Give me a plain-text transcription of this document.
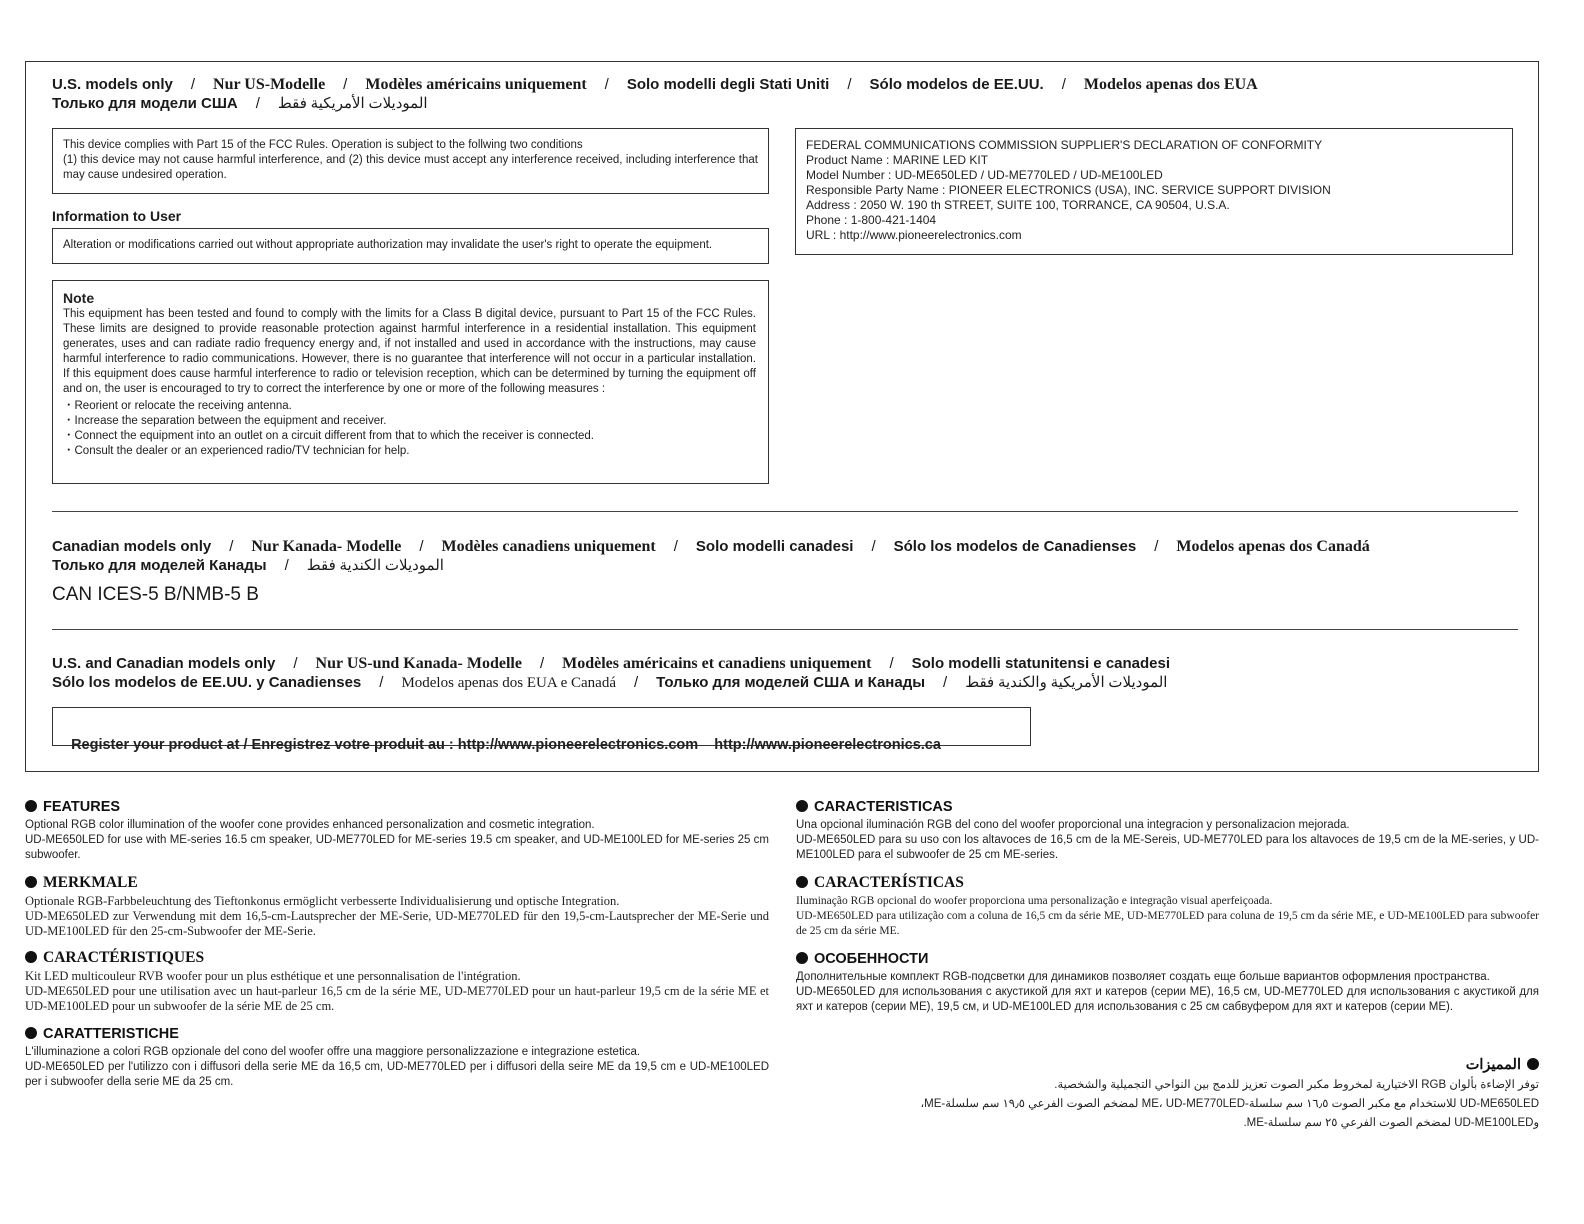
U.S. models only / Nur US-Modelle / Modèles américains uniquement / Solo modelli degli Stati Uniti / Sólo modelos de EE.UU. / Modelos apenas dos EUA
Только для модели США / الموديلات الأمريكية فقط

This device complies with Part 15 of the FCC Rules. Operation is subject to the follwing two conditions

(1) this device may not cause harmful interference, and (2) this device must accept any interference received, including interference that may cause undesired operation.

Information to User

Alteration or modifications carried out without appropriate authorization may invalidate the user's right to operate the equipment.

Note

This equipment has been tested and found to comply with the limits for a Class B digital device, pursuant to Part 15 of the FCC Rules. These limits are designed to provide reasonable protection against harmful interference in a residential installation. This equipment generates, uses and can radiate radio frequency energy and, if not installed and used in accordance with the instructions, may cause harmful interference to radio communications. However, there is no guarantee that interference will not occur in a particular installation. If this equipment does cause harmful interference to radio or television reception, which can be determined by turning the equipment off and on, the user is encouraged to try to correct the interference by one or more of the following measures :

・ Reorient or relocate the receiving antenna.
・ Increase the separation between the equipment and receiver.
・ Connect the equipment into an outlet on a circuit different from that to which the receiver is connected.
・ Consult the dealer or an experienced radio/TV technician for help.

FEDERAL COMMUNICATIONS COMMISSION SUPPLIER'S DECLARATION OF CONFORMITY

Product Name : MARINE LED KIT

Model Number : UD-ME650LED / UD-ME770LED / UD-ME100LED

Responsible Party Name : PIONEER ELECTRONICS (USA), INC. SERVICE SUPPORT DIVISION

Address : 2050 W. 190 th STREET, SUITE 100, TORRANCE, CA 90504, U.S.A.

Phone : 1-800-421-1404

URL : http://www.pioneerelectronics.com

Canadian models only / Nur Kanada- Modelle / Modèles canadiens uniquement / Solo modelli canadesi / Sólo los modelos de Canadienses / Modelos apenas dos Canadá
Только для моделей Канады / الموديلات الكندية فقط
CAN ICES-5 B/NMB-5 B
U.S. and Canadian models only / Nur US-und Kanada- Modelle / Modèles américains et canadiens uniquement / Solo modelli statunitensi e canadesi
Sólo los modelos de EE.UU. y Canadienses / Modelos apenas dos EUA e Canadá / Только для моделей США и Канады / الموديلات الأمريكية والكندية فقط

Register your product at / Enregistrez votre produit au : http://www.pioneerelectronics.com    http://www.pioneerelectronics.ca

FEATURES

Optional RGB color illumination of the woofer cone provides enhanced personalization and cosmetic integration.

UD-ME650LED for use with ME-series 16.5 cm speaker, UD-ME770LED for ME-series 19.5 cm speaker, and UD-ME100LED for ME-series 25 cm subwoofer.

MERKMALE

Optionale RGB-Farbbeleuchtung des Tieftonkonus ermöglicht verbesserte Individualisierung und optische Integration.

UD-ME650LED zur Verwendung mit dem 16,5-cm-Lautsprecher der ME-Serie, UD-ME770LED für den 19,5-cm-Lautsprecher der ME-Serie und UD-ME100LED für den 25-cm-Subwoofer der ME-Serie.

CARACTÉRISTIQUES

Kit LED multicouleur RVB woofer pour un plus esthétique et une personnalisation de l'intégration.

UD-ME650LED pour une utilisation avec un haut-parleur 16,5 cm de la série ME, UD-ME770LED pour un haut-parleur 19,5 cm de la série ME et UD-ME100LED pour un subwoofer de la série ME de 25 cm.

CARATTERISTICHE

L'illuminazione a colori RGB opzionale del cono del woofer offre una maggiore personalizzazione e integrazione estetica.

UD-ME650LED per l'utilizzo con i diffusori della serie ME da 16,5 cm, UD-ME770LED per i diffusori della seire ME da 19,5 cm e UD-ME100LED per i subwoofer della serie ME da 25 cm.

CARACTERISTICAS

Una opcional iluminación RGB del cono del woofer proporcional una integracion y personalizacion mejorada.

UD-ME650LED para su uso con los altavoces de 16,5 cm de la ME-Sereis, UD-ME770LED para los altavoces de 19,5 cm de la ME-series, y UD-ME100LED para el subwoofer de 25 cm ME-series.

CARACTERÍSTICAS

Iluminação RGB opcional do woofer proporciona uma personalização e integração visual aperfeiçoada.

UD-ME650LED para utilização com a coluna de 16,5 cm da série ME, UD-ME770LED para coluna de 19,5 cm da série ME, e UD-ME100LED para subwoofer de 25 cm da série ME.

ОСОБЕННОСТИ

Дополнительные комплект RGB-подсветки для динамиков позволяет создать еще больше вариантов оформления пространства.

UD-ME650LED для использования с акустикой для яхт и катеров (серии ME), 16,5 см, UD-ME770LED для использования с акустикой для яхт и катеров (серии ME), 19,5 см, и UD-ME100LED для использования с 25 см сабвуфером для яхт и катеров (серии ME).

المميزات

توفر الإضاءة بألوان RGB الاختيارية لمخروط مكبر الصوت تعزيز للدمج بين النواحي التجميلية والشخصية.

UD-ME650LED للاستخدام مع مكبر الصوت ١٦٫٥ سم سلسلة-ME، UD-ME770LED لمضخم الصوت الفرعي ١٩٫٥ سم سلسلة-ME،

وUD-ME100LED لمضخم الصوت الفرعي ٢٥ سم سلسلة-ME.
